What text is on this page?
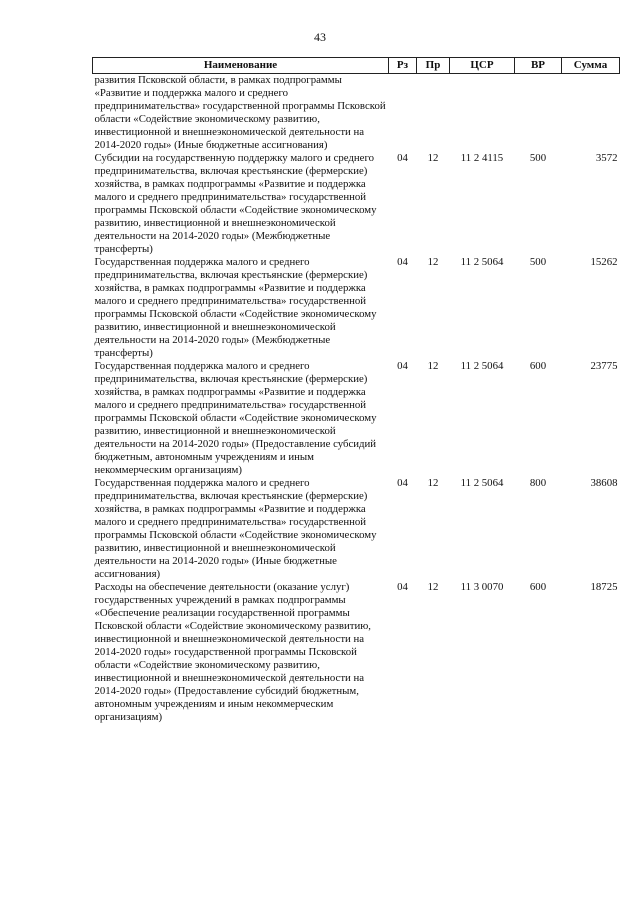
43
Наименование	Рз	Пр	ЦСР	ВР	Сумма
развития Псковской области, в рамках подпрограммы «Развитие и поддержка малого и среднего предпринимательства» государственной программы Псковской области «Содействие экономическому развитию, инвестиционной и внешнеэкономической деятельности на 2014-2020 годы» (Иные бюджетные ассигнования)					
Субсидии на государственную поддержку малого и среднего предпринимательства, включая крестьянские (фермерские) хозяйства, в рамках подпрограммы «Развитие и поддержка малого и среднего предпринимательства» государственной программы Псковской области «Содействие экономическому развитию, инвестиционной и внешнеэкономической деятельности на 2014-2020 годы» (Межбюджетные трансферты)	04	12	11 2 4115	500	3572
Государственная поддержка малого и среднего предпринимательства, включая крестьянские (фермерские) хозяйства, в рамках подпрограммы «Развитие и поддержка малого и среднего предпринимательства» государственной программы Псковской области «Содействие экономическому развитию, инвестиционной и внешнеэкономической деятельности на 2014-2020 годы» (Межбюджетные трансферты)	04	12	11 2 5064	500	15262
Государственная поддержка малого и среднего предпринимательства, включая крестьянские (фермерские) хозяйства, в рамках подпрограммы «Развитие и поддержка малого и среднего предпринимательства» государственной программы Псковской области «Содействие экономическому развитию, инвестиционной и внешнеэкономической деятельности на 2014-2020 годы» (Предоставление субсидий бюджетным, автономным учреждениям и иным некоммерческим организациям)	04	12	11 2 5064	600	23775
Государственная поддержка малого и среднего предпринимательства, включая крестьянские (фермерские) хозяйства, в рамках подпрограммы «Развитие и поддержка малого и среднего предпринимательства» государственной программы Псковской области «Содействие экономическому развитию, инвестиционной и внешнеэкономической деятельности на 2014-2020 годы» (Иные бюджетные ассигнования)	04	12	11 2 5064	800	38608
Расходы на обеспечение деятельности (оказание услуг) государственных учреждений в рамках подпрограммы «Обеспечение реализации государственной программы Псковской области «Содействие экономическому развитию, инвестиционной и внешнеэкономической деятельности на 2014-2020 годы» государственной программы Псковской области «Содействие экономическому развитию, инвестиционной и внешнеэкономической деятельности на 2014-2020 годы» (Предоставление субсидий бюджетным, автономным учреждениям и иным некоммерческим организациям)	04	12	11 3 0070	600	18725
